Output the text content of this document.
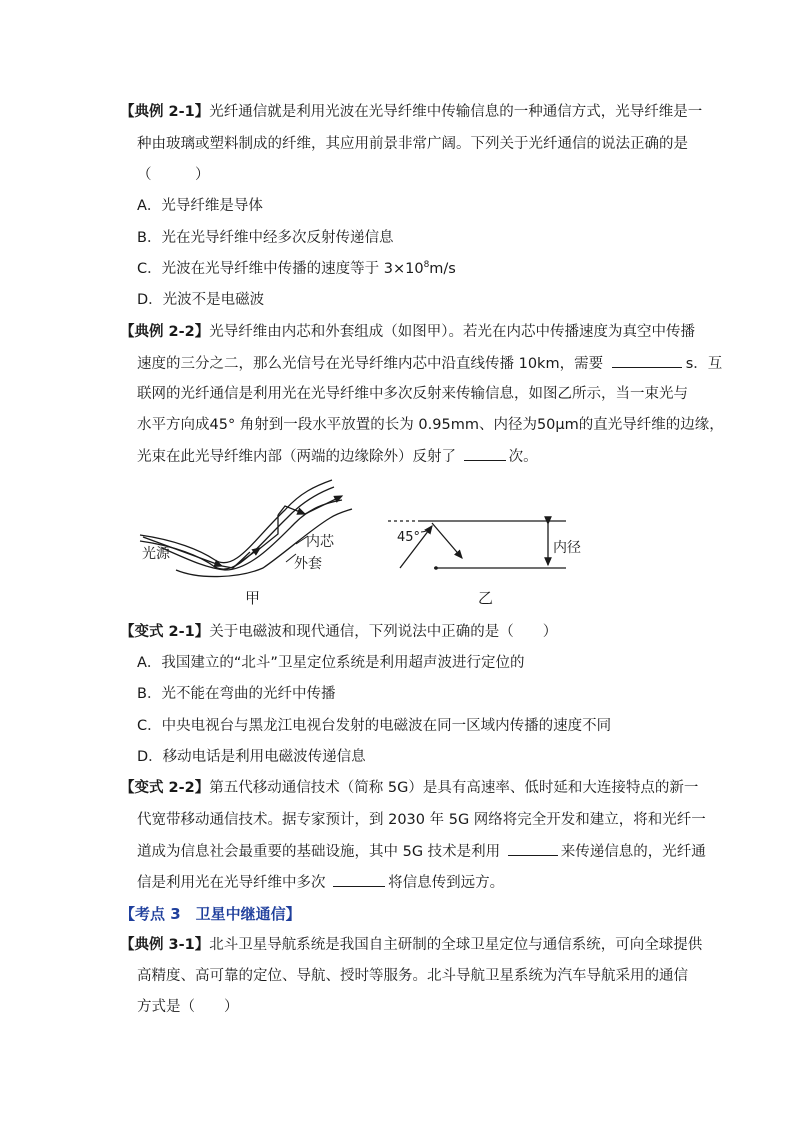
【典例 2-1】光纤通信就是利用光波在光导纤维中传输信息的一种通信方式，光导纤维是一
种由玻璃或塑料制成的纤维，其应用前景非常广阔。下列关于光纤通信的说法正确的是
（　　　）
A．光导纤维是导体
B．光在光导纤维中经多次反射传递信息
C．光波在光导纤维中传播的速度等于 $3\times 10^8m/s$
D．光波不是电磁波
【典例 2-2】光导纤维由内芯和外套组成（如图甲）。若光在内芯中传播速度为真空中传播
速度的三分之二，那么光信号在光导纤维内芯中沿直线传播 10km，需要	s．互
联网的光纤通信是利用光在光导纤维中多次反射来传输信息，如图乙所示，当一束光与
水平方向成45° 角射到一段水平放置的长为 0.95mm、内径为50μm的直光导纤维的边缘，
光束在此光导纤维内部（两端的边缘除外）反射了	次。
光源
内芯
外套
甲
45°
内径
乙
【变式 2-1】关于电磁波和现代通信，下列说法中正确的是（　　）
A．我国建立的“北斗”卫星定位系统是利用超声波进行定位的
B．光不能在弯曲的光纤中传播
C．中央电视台与黑龙江电视台发射的电磁波在同一区域内传播的速度不同
D．移动电话是利用电磁波传递信息
【变式 2-2】第五代移动通信技术（简称 5G）是具有高速率、低时延和大连接特点的新一
代宽带移动通信技术。据专家预计，到 2030 年 5G 网络将完全开发和建立，将和光纤一
道成为信息社会最重要的基础设施，其中 5G 技术是利用	来传递信息的，光纤通
信是利用光在光导纤维中多次	将信息传到远方。
【考点 3　卫星中继通信】
【典例 3-1】北斗卫星导航系统是我国自主研制的全球卫星定位与通信系统，可向全球提供
高精度、高可靠的定位、导航、授时等服务。北斗导航卫星系统为汽车导航采用的通信
方式是（　　）
